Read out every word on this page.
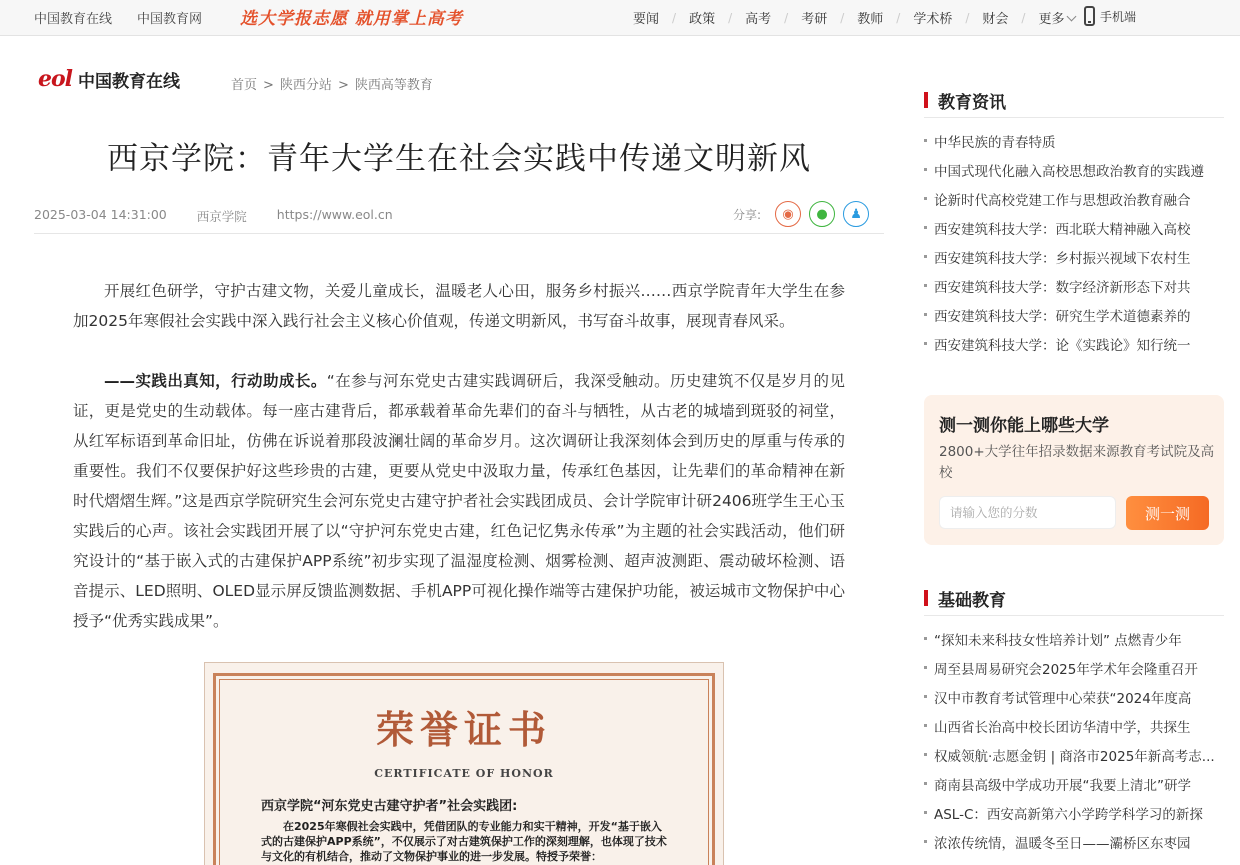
中国教育在线 中国教育网 选大学报志愿 就用掌上高考	要闻	/	政策	/	高考	/	考研	/	教师	/	学术桥	/	财会	/	更多	手机端
eol 中国教育在线	首页 > 陕西分站 > 陕西高等教育
西京学院：青年大学生在社会实践中传递文明新风
2025-03-04 14:31:00 西京学院 https://www.eol.cn	分享:	◉	●	♟

开展红色研学，守护古建文物，关爱儿童成长，温暖老人心田，服务乡村振兴……西京学院青年大学生在参加2025年寒假社会实践中深入践行社会主义核心价值观，传递文明新风，书写奋斗故事，展现青春风采。

——实践出真知，行动助成长。“在参与河东党史古建实践调研后，我深受触动。历史建筑不仅是岁月的见证，更是党史的生动载体。每一座古建背后，都承载着革命先辈们的奋斗与牺牲，从古老的城墙到斑驳的祠堂，从红军标语到革命旧址，仿佛在诉说着那段波澜壮阔的革命岁月。这次调研让我深刻体会到历史的厚重与传承的重要性。我们不仅要保护好这些珍贵的古建，更要从党史中汲取力量，传承红色基因，让先辈们的革命精神在新时代熠熠生辉。”这是西京学院研究生会河东党史古建守护者社会实践团成员、会计学院审计研2406班学生王心玉实践后的心声。该社会实践团开展了以“守护河东党史古建，红色记忆隽永传承”为主题的社会实践活动，他们研究设计的“基于嵌入式的古建保护APP系统”初步实现了温湿度检测、烟雾检测、超声波测距、震动破坏检测、语音提示、LED照明、OLED显示屏反馈监测数据、手机APP可视化操作端等古建保护功能，被运城市文物保护中心授予“优秀实践成果”。

荣誉证书
CERTIFICATE OF HONOR
西京学院“河东党史古建守护者”社会实践团:
在2025年寒假社会实践中，凭借团队的专业能力和实干精神，开发“基于嵌入式的古建保护APP系统”，不仅展示了对古建筑保护工作的深刻理解，也体现了技术与文化的有机结合，推动了文物保护事业的进一步发展。特授予荣誉：
教育资讯
中华民族的青春特质
中国式现代化融入高校思想政治教育的实践遵
论新时代高校党建工作与思想政治教育融合
西安建筑科技大学：西北联大精神融入高校
西安建筑科技大学：乡村振兴视域下农村生
西安建筑科技大学：数字经济新形态下对共
西安建筑科技大学：研究生学术道德素养的
西安建筑科技大学：论《实践论》知行统一
测一测你能上哪些大学
2800+大学往年招录数据来源教育考试院及高校
请输入您的分数
测一测
基础教育
“探知未来科技女性培养计划” 点燃青少年
周至县周易研究会2025年学术年会隆重召开
汉中市教育考试管理中心荣获“2024年度高
山西省长治高中校长团访华清中学，共探生
权威领航·志愿金钥 | 商洛市2025年新高考志...
商南县高级中学成功开展“我要上清北”研学
ASL-C：西安高新第六小学跨学科学习的新探
浓浓传统情，温暖冬至日——灞桥区东枣园
